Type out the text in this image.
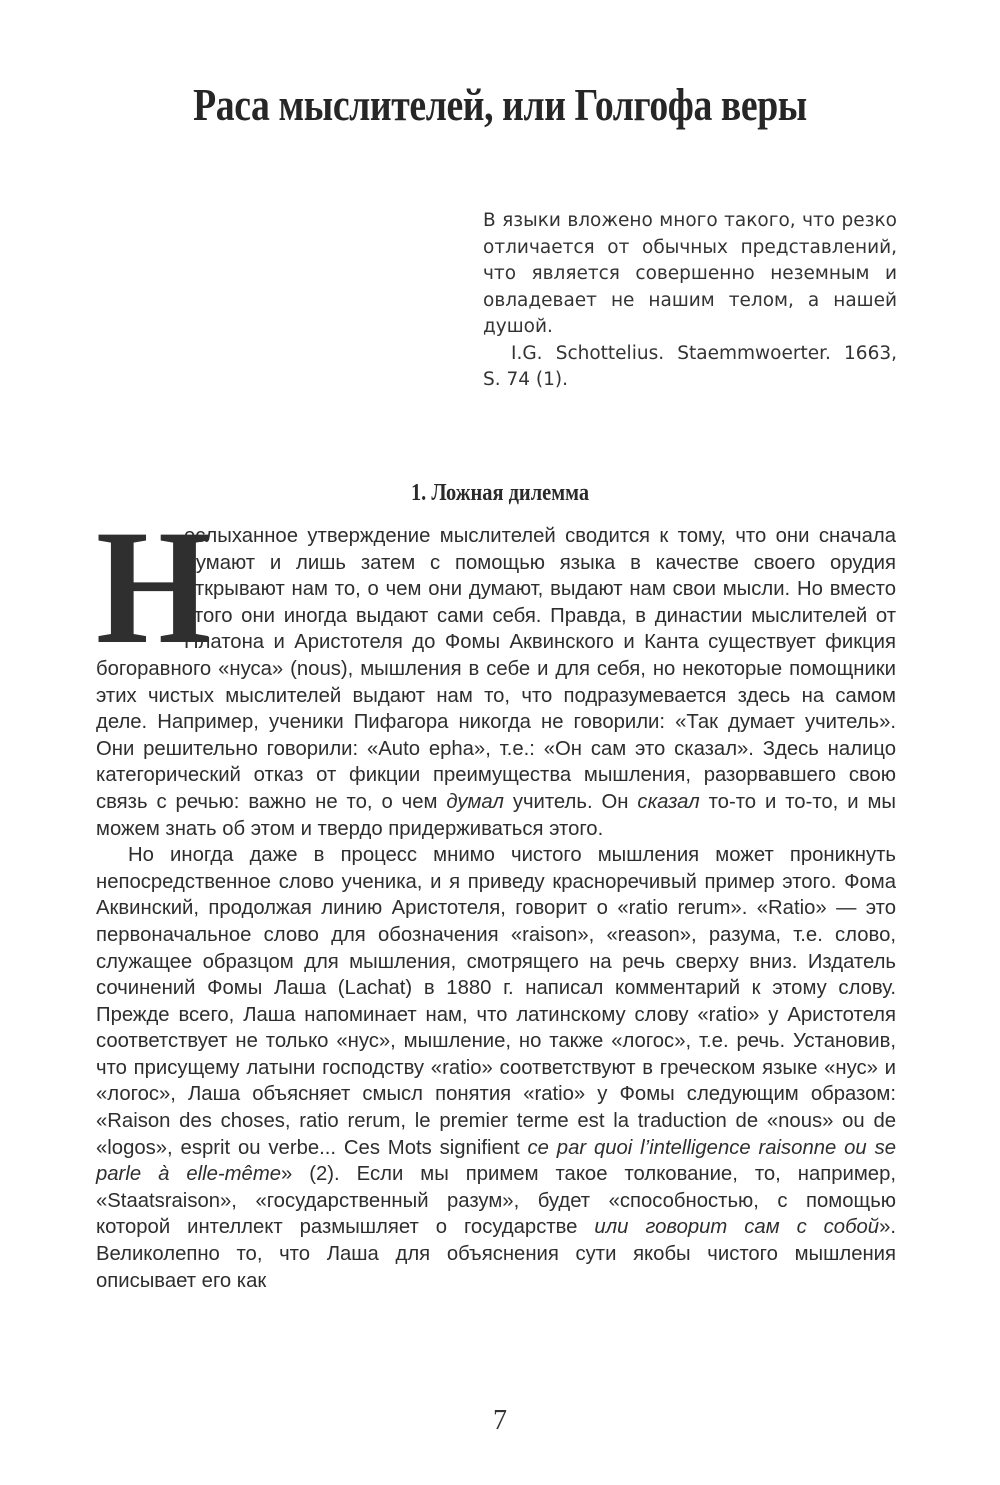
Раса мыслителей, или Голгофа веры

В языки вложено много такого, что резко отличается от обычных представлений, что является совершенно неземным и овладевает не нашим телом, а нашей душой.

I.G. Schottelius. Staemmwoerter. 1663, S. 74 (1).

1. Ложная дилемма

Н
еслыханное утверждение мыслителей сводится к тому, что они сначала думают и лишь затем с помощью языка в качестве своего орудия открывают нам то, о чем они думают, выдают нам свои мысли. Но вместо этого они иногда выдают сами себя. Правда, в династии мыслителей от Платона и Аристотеля до Фомы Аквинского и Канта существует фикция богоравного «нуса» (nous), мышления в себе и для себя, но некоторые помощники этих чистых мыслителей выдают нам то, что подразумевается здесь на самом деле. Например, ученики Пифагора никогда не говорили: «Так думает учитель». Они решительно говорили: «Auto epha», т.е.: «Он сам это сказал». Здесь налицо категорический отказ от фикции преимущества мышления, разорвавшего свою связь с речью: важно не то, о чем думал учитель. Он сказал то-то и то-то, и мы можем знать об этом и твердо придерживаться этого.

Но иногда даже в процесс мнимо чистого мышления может проникнуть непосредственное слово ученика, и я приведу красноречивый пример этого. Фома Аквинский, продолжая линию Аристотеля, говорит о «ratio rerum». «Ratio» — это первоначальное слово для обозначения «raison», «reason», разума, т.е. слово, служащее образцом для мышления, смотрящего на речь сверху вниз. Издатель сочинений Фомы Лаша (Lachat) в 1880 г. написал комментарий к этому слову. Прежде всего, Лаша напоминает нам, что латинскому слову «ratio» у Аристотеля соответствует не только «нус», мышление, но также «логос», т.е. речь. Установив, что присущему латыни господству «ratio» соответствуют в греческом языке «нус» и «логос», Лаша объясняет смысл понятия «ratio» у Фомы следующим образом: «Raison des choses, ratio rerum, le premier terme est la traduction de «nous» ou de «logos», esprit ou verbe... Ces Mots signifient ce par quoi l’intelligence raisonne ou se parle à elle-même» (2). Если мы примем такое толкование, то, например, «Staatsraison», «государственный разум», будет «способностью, с помощью которой интеллект размышляет о государстве или говорит сам с собой». Великолепно то, что Лаша для объяснения сути якобы чистого мышления описывает его как

7
